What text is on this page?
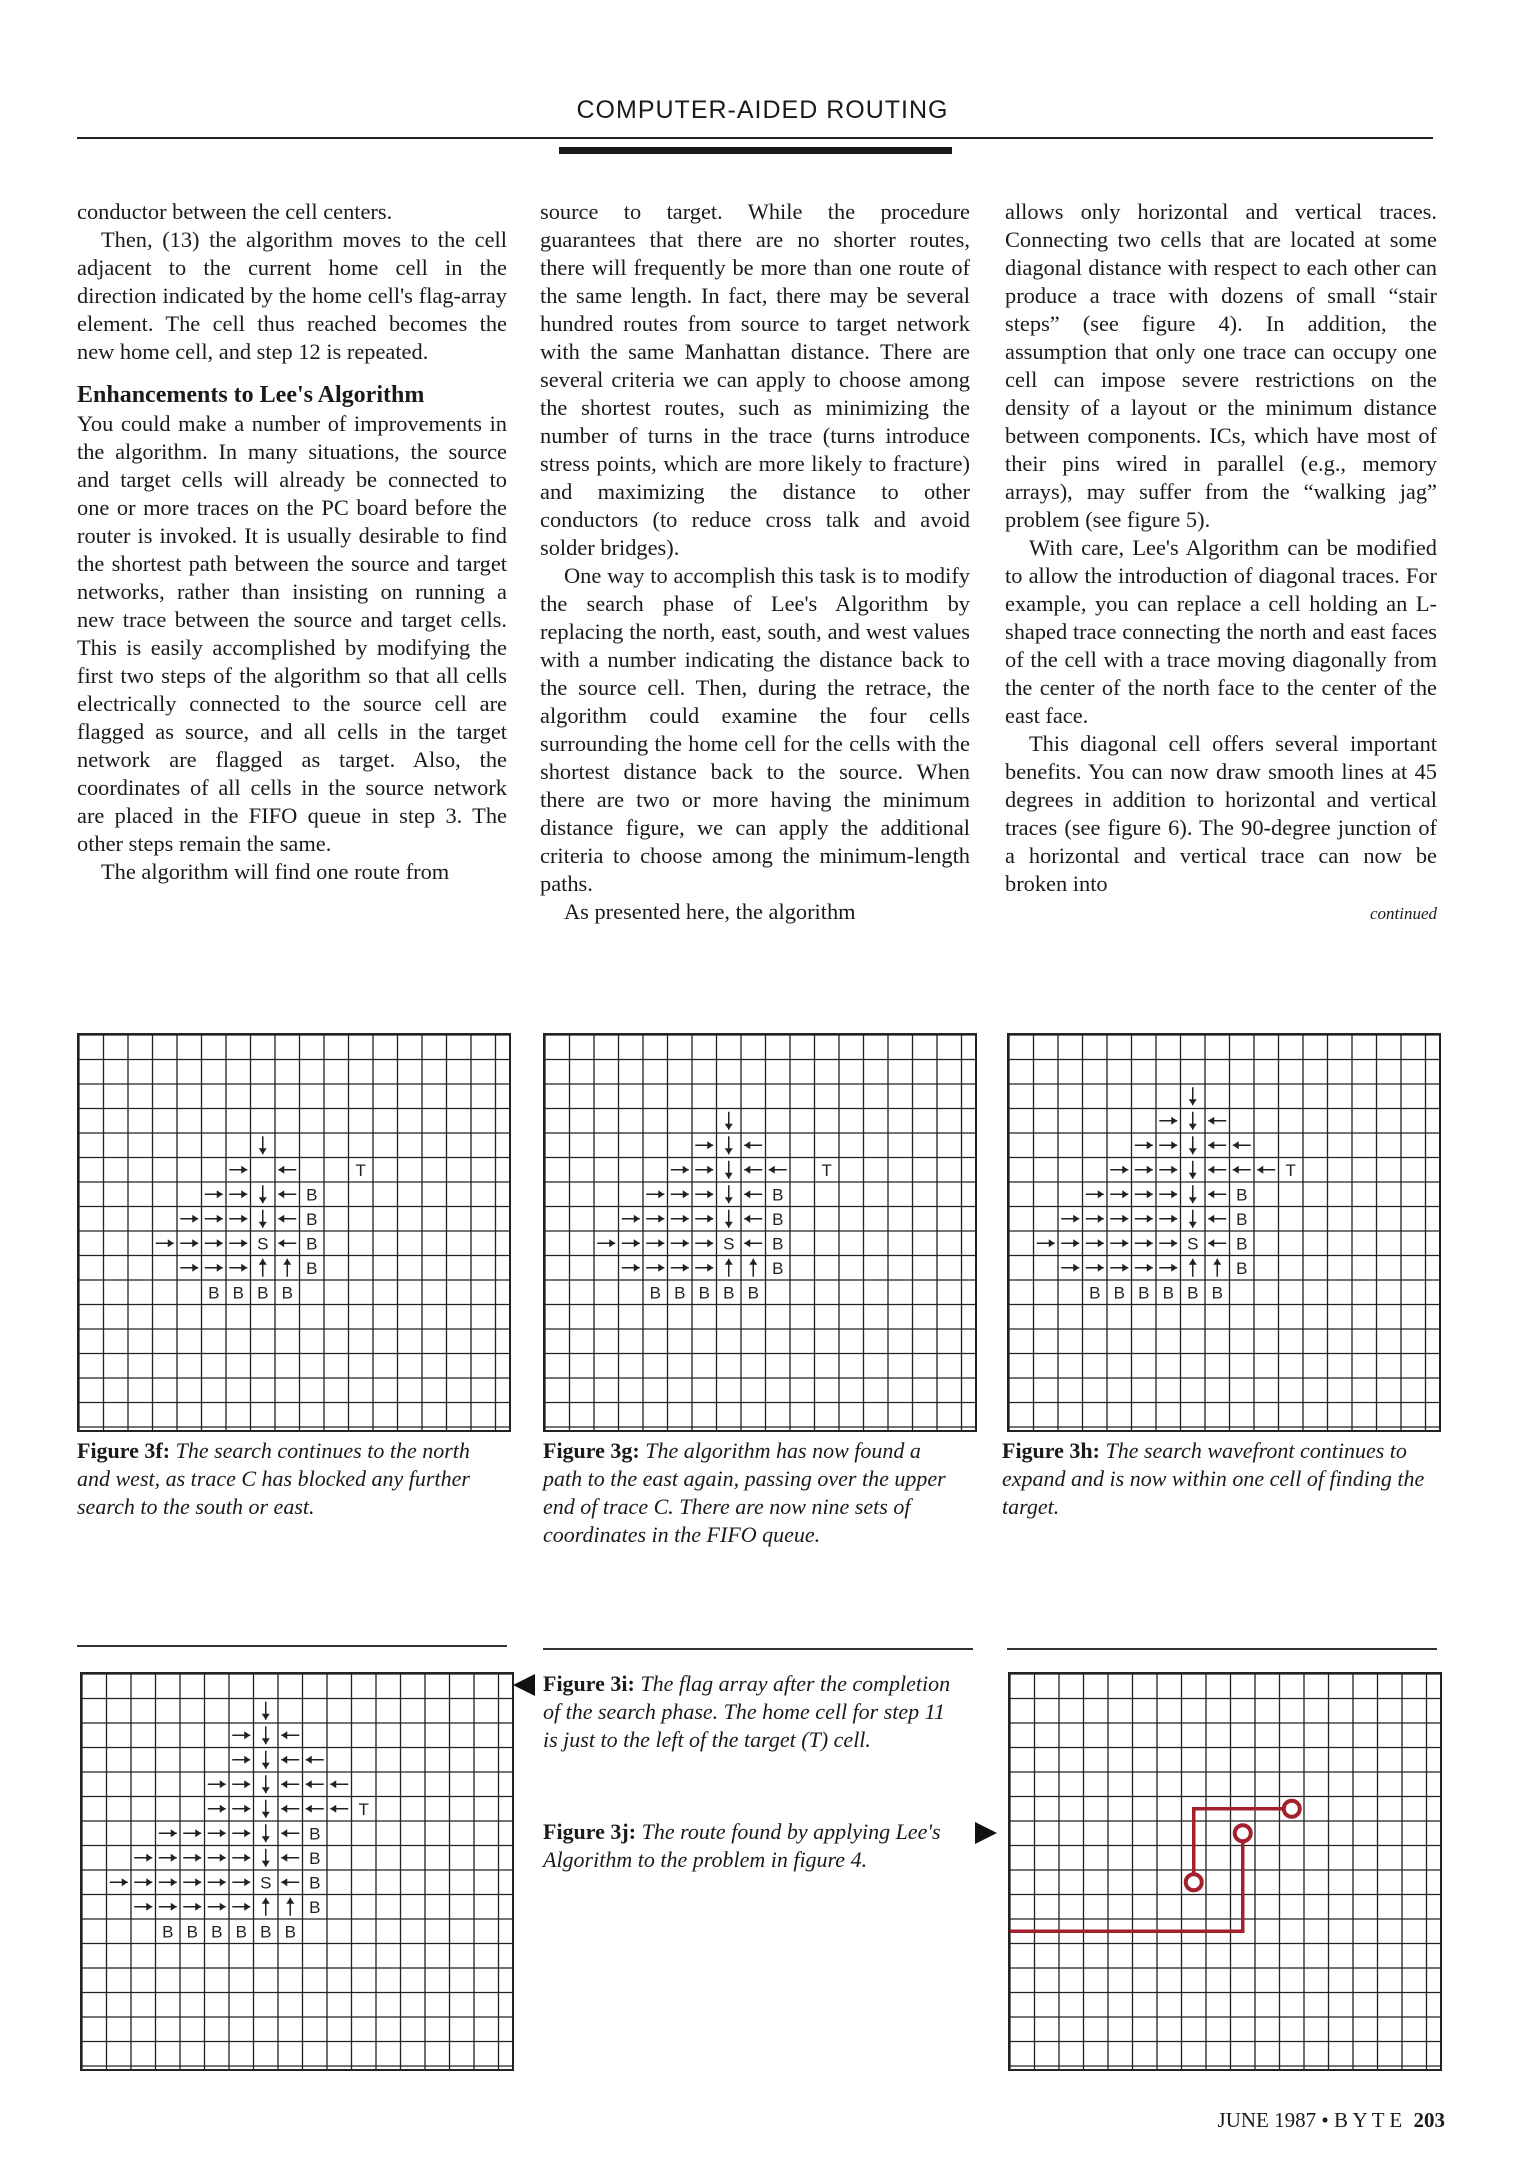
COMPUTER-AIDED ROUTING

conductor between the cell centers.

Then, (13) the algorithm moves to the cell adjacent to the current home cell in the direction indicated by the home cell's flag-array element. The cell thus reached becomes the new home cell, and step 12 is repeated.

Enhancements to Lee's Algorithm

You could make a number of improvements in the algorithm. In many situations, the source and target cells will already be connected to one or more traces on the PC board before the router is invoked. It is usually desirable to find the shortest path between the source and target networks, rather than insisting on running a new trace between the source and target cells. This is easily accomplished by modifying the first two steps of the algorithm so that all cells electrically connected to the source cell are flagged as source, and all cells in the target network are flagged as target. Also, the coordinates of all cells in the source network are placed in the FIFO queue in step 3. The other steps remain the same.

The algorithm will find one route from

source to target. While the procedure guarantees that there are no shorter routes, there will frequently be more than one route of the same length. In fact, there may be several hundred routes from source to target network with the same Manhattan distance. There are several criteria we can apply to choose among the shortest routes, such as minimizing the number of turns in the trace (turns introduce stress points, which are more likely to fracture) and maximizing the distance to other conductors (to reduce cross talk and avoid solder bridges).

One way to accomplish this task is to modify the search phase of Lee's Algorithm by replacing the north, east, south, and west values with a number indicating the distance back to the source cell. Then, during the retrace, the algorithm could examine the four cells surrounding the home cell for the cells with the shortest distance back to the source. When there are two or more having the minimum distance figure, we can apply the additional criteria to choose among the minimum-length paths.

As presented here, the algorithm

allows only horizontal and vertical traces. Connecting two cells that are located at some diagonal distance with respect to each other can produce a trace with dozens of small “stair steps” (see figure 4). In addition, the assumption that only one trace can occupy one cell can impose severe restrictions on the density of a layout or the minimum distance between components. ICs, which have most of their pins wired in parallel (e.g., memory arrays), may suffer from the “walking jag” problem (see figure 5).

With care, Lee's Algorithm can be modified to allow the introduction of diagonal traces. For example, you can replace a cell holding an L-shaped trace connecting the north and east faces of the cell with a trace moving diagonally from the center of the north face to the center of the east face.

This diagonal cell offers several important benefits. You can now draw smooth lines at 45 degrees in addition to horizontal and vertical traces (see figure 6). The 90-degree junction of a horizontal and vertical trace can now be broken into

continued
T
B
B
S B
B
B B B B
T
B
B
S B
B
B B B B B
T
B
B
S B
B
B B B B B B
T
B
B
S B
B
B B B B B B
Figure 3f: The search continues to the north and west, as trace C has blocked any further search to the south or east.
Figure 3g: The algorithm has now found a path to the east again, passing over the upper end of trace C. There are now nine sets of coordinates in the FIFO queue.
Figure 3h: The search wavefront continues to expand and is now within one cell of finding the target.
Figure 3i: The flag array after the completion of the search phase. The home cell for step 11 is just to the left of the target (T) cell.
Figure 3j: The route found by applying Lee's Algorithm to the problem in figure 4.
JUNE 1987 • B Y T E 203
